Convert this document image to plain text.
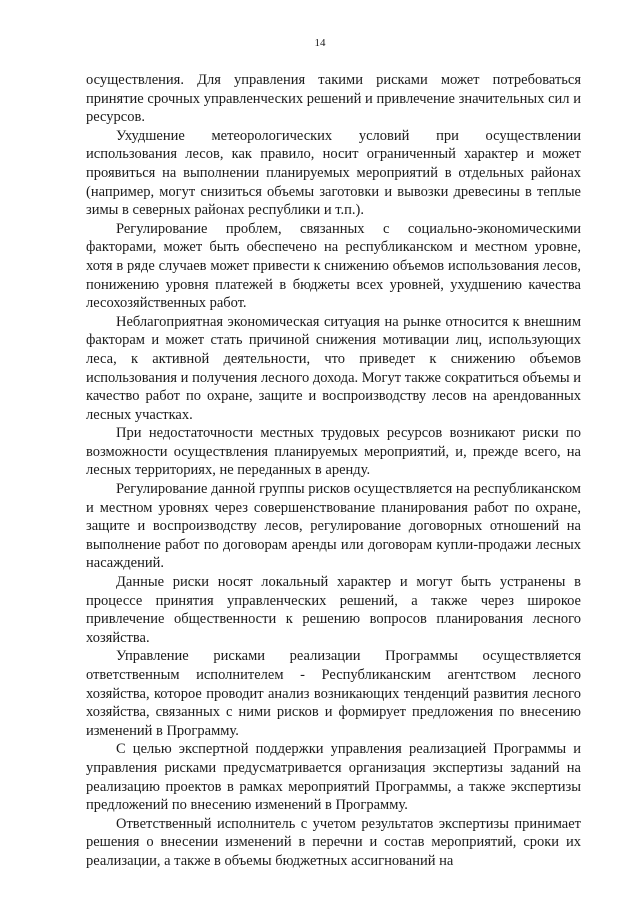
14

осуществления. Для управления такими рисками может потребоваться принятие срочных управленческих решений и привлечение значительных сил и ресурсов.

Ухудшение метеорологических условий при осуществлении использования лесов, как правило, носит ограниченный характер и может проявиться на выполнении планируемых мероприятий в отдельных районах (например, могут снизиться объемы заготовки и вывозки древесины в теплые зимы в северных районах республики и т.п.).

Регулирование проблем, связанных с социально-экономическими факторами, может быть обеспечено на республиканском и местном уровне, хотя в ряде случаев может привести к снижению объемов использования лесов, понижению уровня платежей в бюджеты всех уровней, ухудшению качества лесохозяйственных работ.

Неблагоприятная экономическая ситуация на рынке относится к внешним факторам и может стать причиной снижения мотивации лиц, использующих леса, к активной деятельности, что приведет к снижению объемов использования и получения лесного дохода. Могут также сократиться объемы и качество работ по охране, защите и воспроизводству лесов на арендованных лесных участках.

При недостаточности местных трудовых ресурсов возникают риски по возможности осуществления планируемых мероприятий, и, прежде всего, на лесных территориях, не переданных в аренду.

Регулирование данной группы рисков осуществляется на республиканском и местном уровнях через совершенствование планирования работ по охране, защите и воспроизводству лесов, регулирование договорных отношений на выполнение работ по договорам аренды или договорам купли-продажи лесных насаждений.

Данные риски носят локальный характер и могут быть устранены в процессе принятия управленческих решений, а также через широкое привлечение общественности к решению вопросов планирования лесного хозяйства.

Управление рисками реализации Программы осуществляется ответственным исполнителем - Республиканским агентством лесного хозяйства, которое проводит анализ возникающих тенденций развития лесного хозяйства, связанных с ними рисков и формирует предложения по внесению изменений в Программу.

С целью экспертной поддержки управления реализацией Программы и управления рисками предусматривается организация экспертизы заданий на реализацию проектов в рамках мероприятий Программы, а также экспертизы предложений по внесению изменений в Программу.

Ответственный исполнитель с учетом результатов экспертизы принимает решения о внесении изменений в перечни и состав мероприятий, сроки их реализации, а также в объемы бюджетных ассигнований на
